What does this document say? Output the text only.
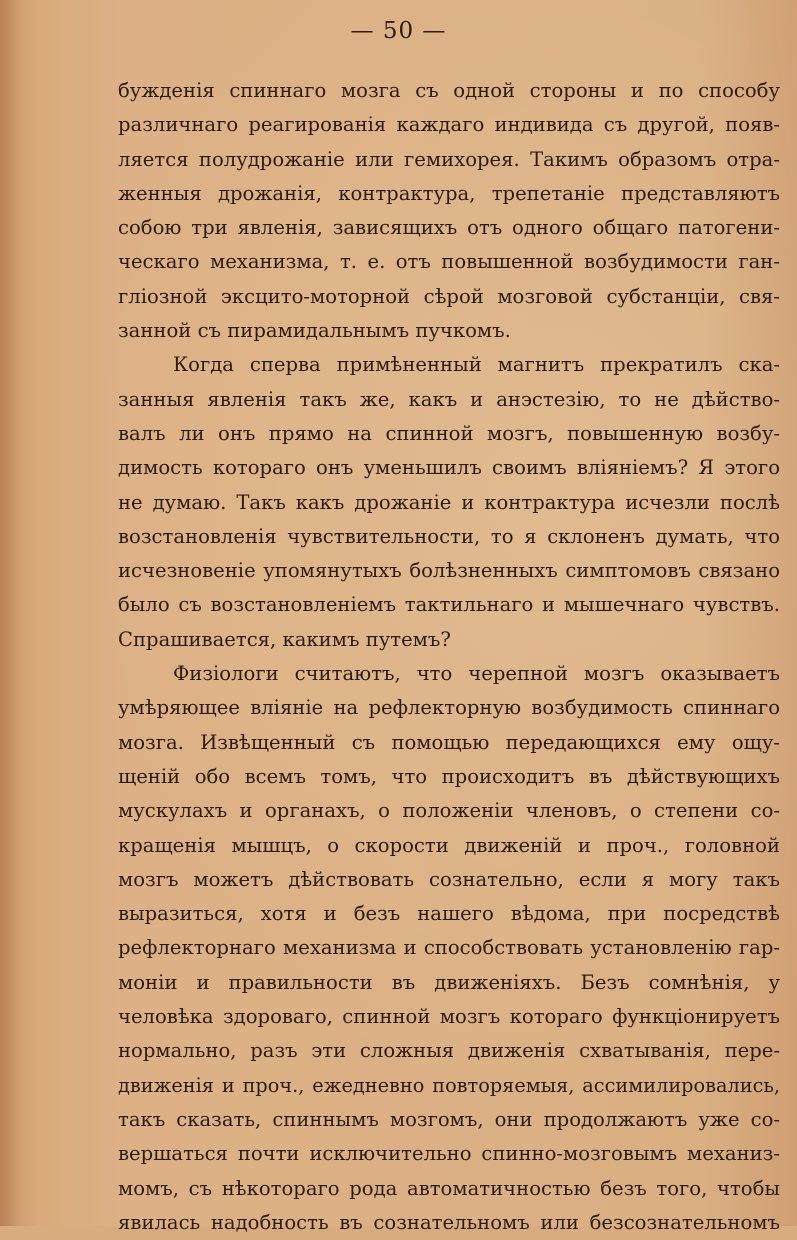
— 50 —
бужденія спиннаго мозга съ одной стороны и по способу
различнаго реагированія каждаго индивида съ другой, появ-
ляется полудрожаніе или гемихорея. Такимъ образомъ отра-
женныя дрожанія, контрактура, трепетаніе представляютъ
собою три явленія, зависящихъ отъ одного общаго патогени-
ческаго механизма, т. е. отъ повышенной возбудимости ган-
гліозной эксцито-моторной сѣрой мозговой субстанціи, свя-
занной съ пирамидальнымъ пучкомъ.
Когда сперва примѣненный магнитъ прекратилъ ска-
занныя явленія такъ же, какъ и анэстезію, то не дѣйство-
валъ ли онъ прямо на спинной мозгъ, повышенную возбу-
димость котораго онъ уменьшилъ своимъ вліяніемъ? Я этого
не думаю. Такъ какъ дрожаніе и контрактура исчезли послѣ
возстановленія чувствительности, то я склоненъ думать, что
исчезновеніе упомянутыхъ болѣзненныхъ симптомовъ связано
было съ возстановленіемъ тактильнаго и мышечнаго чувствъ.
Спрашивается, какимъ путемъ?
Физіологи считаютъ, что черепной мозгъ оказываетъ
умѣряющее вліяніе на рефлекторную возбудимость спиннаго
мозга. Извѣщенный съ помощью передающихся ему ощу-
щеній обо всемъ томъ, что происходитъ въ дѣйствующихъ
мускулахъ и органахъ, о положеніи членовъ, о степени со-
кращенія мышцъ, о скорости движеній и проч., головной
мозгъ можетъ дѣйствовать сознательно, если я могу такъ
выразиться, хотя и безъ нашего вѣдома, при посредствѣ
рефлекторнаго механизма и способствовать установленію гар-
моніи и правильности въ движеніяхъ. Безъ сомнѣнія, у
человѣка здороваго, спинной мозгъ котораго функціонируетъ
нормально, разъ эти сложныя движенія схватыванія, пере-
движенія и проч., ежедневно повторяемыя, ассимилировались,
такъ сказать, спиннымъ мозгомъ, они продолжаютъ уже со-
вершаться почти исключительно спинно-мозговымъ механиз-
момъ, съ нѣкотораго рода автоматичностью безъ того, чтобы
явилась надобность въ сознательномъ или безсознательномъ
